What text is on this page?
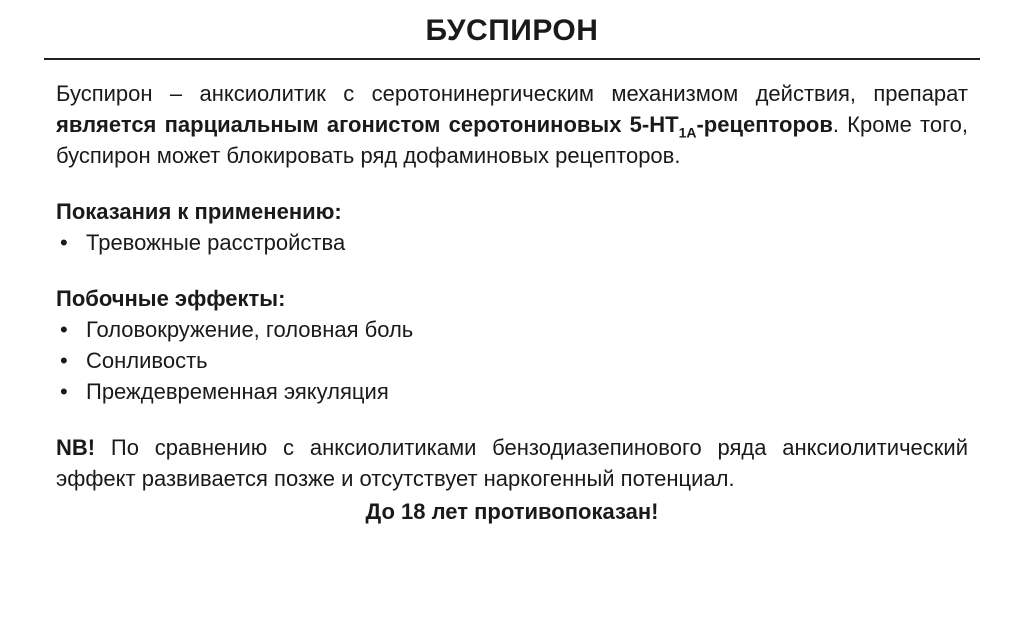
БУСПИРОН

Буспирон – анксиолитик с серотонинергическим механизмом действия, препарат является парциальным агонистом серотониновых $5-HT_{1A}$-рецепторов. Кроме того, буспирон может блокировать ряд дофаминовых рецепторов.

Показания к применению:

• Тревожные расстройства

Побочные эффекты:

• Головокружение, головная боль
• Сонливость
• Преждевременная эякуляция

NB! По сравнению с анксиолитиками бензодиазепинового ряда анксиолитический эффект развивается позже и отсутствует наркогенный потенциал.

До 18 лет противопоказан!
